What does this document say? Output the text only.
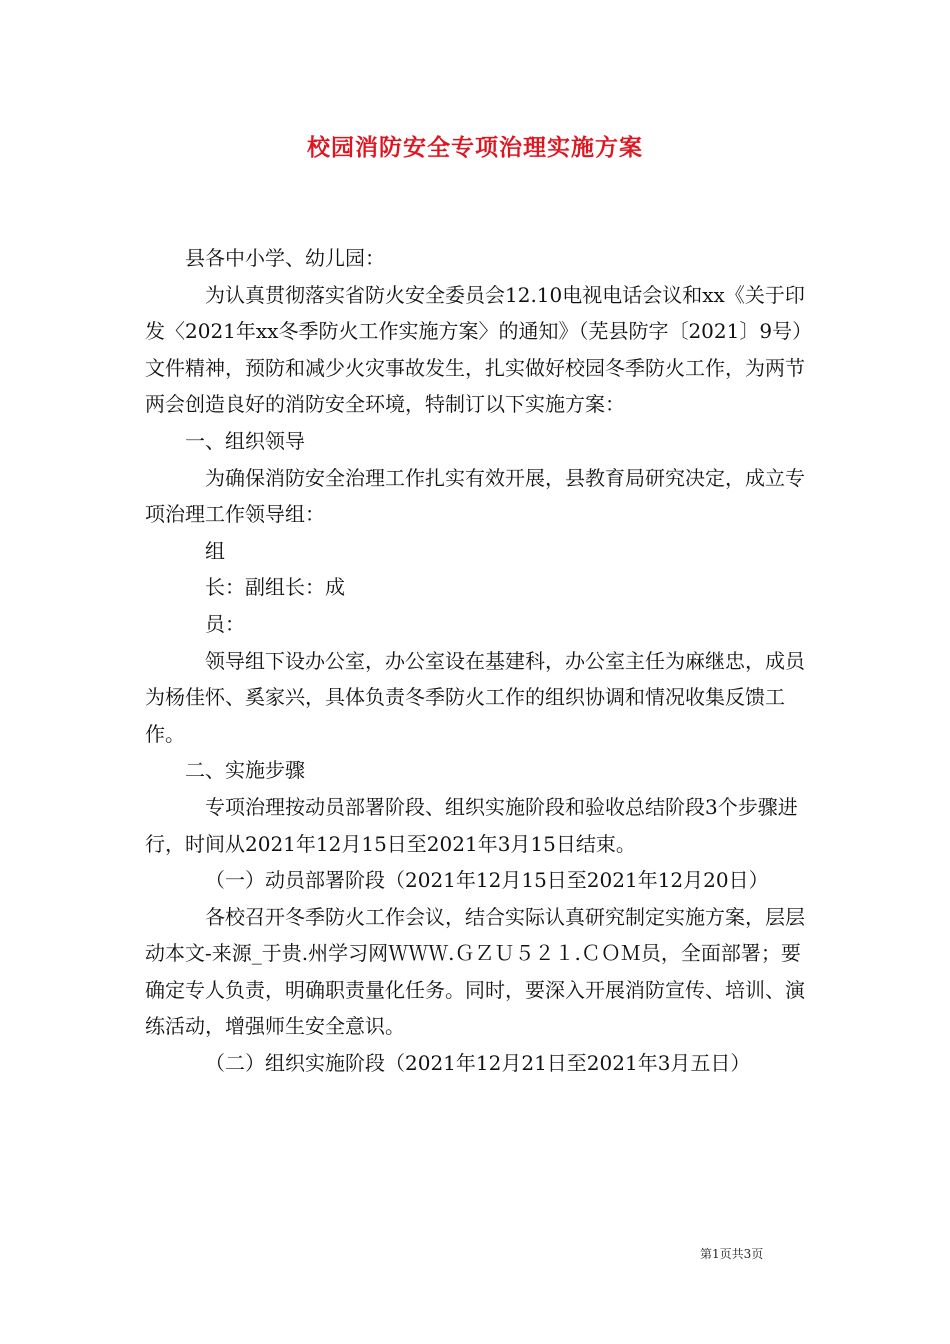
校园消防安全专项治理实施方案

县各中小学、幼儿园：

为认真贯彻落实省防火安全委员会12.10电视电话会议和xx《关于印发〈2021年xx冬季防火工作实施方案〉的通知》（芜县防字〔2021〕9号）文件精神，预防和减少火灾事故发生，扎实做好校园冬季防火工作，为两节两会创造良好的消防安全环境，特制订以下实施方案：

一、组织领导

为确保消防安全治理工作扎实有效开展，县教育局研究决定，成立专项治理工作领导组：

组

长：副组长：成

员：

领导组下设办公室，办公室设在基建科，办公室主任为麻继忠，成员为杨佳怀、奚家兴，具体负责冬季防火工作的组织协调和情况收集反馈工作。

二、实施步骤

专项治理按动员部署阶段、组织实施阶段和验收总结阶段3个步骤进行，时间从2021年12月15日至2021年3月15日结束。

（一）动员部署阶段（2021年12月15日至2021年12月20日）

各校召开冬季防火工作会议，结合实际认真研究制定实施方案，层层动本文-来源_于贵.州学习网ＷＷＷ.ＧＺＵ５２１.ＣＯＭ员，全面部署；要确定专人负责，明确职责量化任务。同时，要深入开展消防宣传、培训、演练活动，增强师生安全意识。

（二）组织实施阶段（2021年12月21日至2021年3月五日）

第1页共3页
